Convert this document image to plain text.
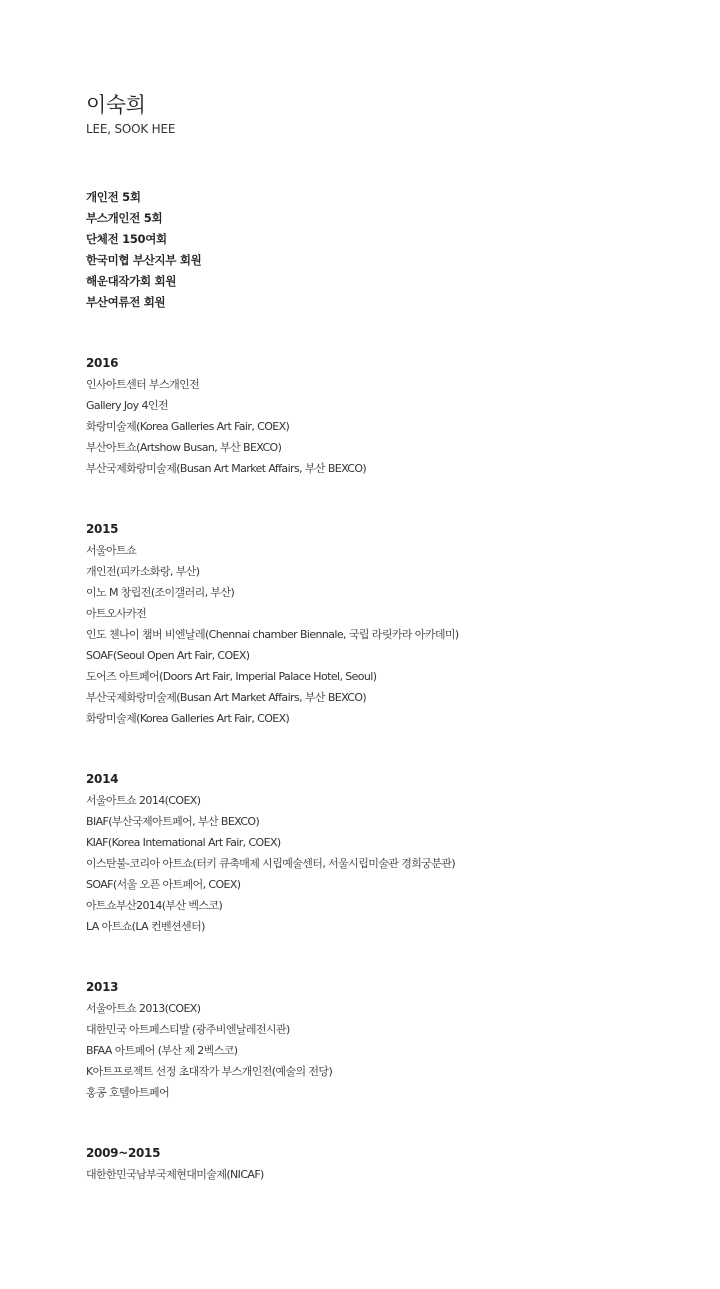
이숙희
LEE, SOOK HEE
개인전 5회
부스개인전 5회
단체전 150여회
한국미협 부산지부 회원
해운대작가회 회원
부산여류전 회원
2016
인사아트센터 부스개인전
Gallery Joy 4인전
화랑미술제(Korea Galleries Art Fair, COEX)
부산아트쇼(Artshow Busan, 부산 BEXCO)
부산국제화랑미술제(Busan Art Market Affairs, 부산 BEXCO)
2015
서울아트쇼
개인전(피카소화랑, 부산)
이노 M 창립전(조이갤러리, 부산)
아트오사카전
인도 첸나이 챔버 비엔날레(Chennai chamber Biennale, 국립 라릿카라 아카데미)
SOAF(Seoul Open Art Fair, COEX)
도어즈 아트페어(Doors Art Fair, Imperial Palace Hotel, Seoul)
부산국제화랑미술제(Busan Art Market Affairs, 부산 BEXCO)
화랑미술제(Korea Galleries Art Fair, COEX)
2014
서울아트쇼 2014(COEX)
BIAF(부산국제아트페어, 부산 BEXCO)
KIAF(Korea International Art Fair, COEX)
이스탄불-코리아 아트쇼(터키 큐축매제 시립예술센터, 서울시립미술관 경희궁분관)
SOAF(서울 오픈 아트페어, COEX)
아트쇼부산2014(부산 벡스코)
LA 아트쇼(LA 컨벤션센터)
2013
서울아트쇼 2013(COEX)
대한민국 아트페스티발 (광주비엔날레전시관)
BFAA 아트페어 (부산 제 2벡스코)
K아트프로젝트 선정 초대작가 부스개인전(예술의 전당)
홍콩 호텔아트페어
2009~2015
대한한민국남부국제현대미술제(NICAF)
